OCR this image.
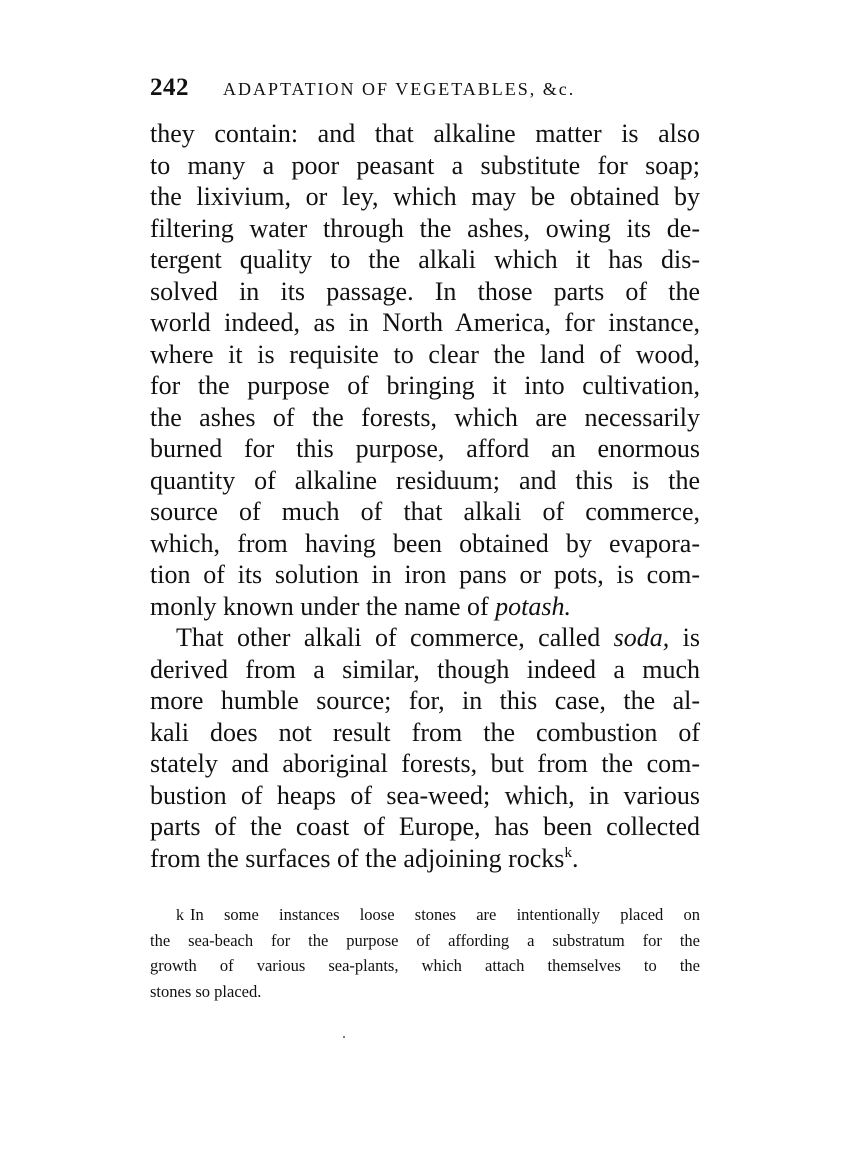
242 ADAPTATION OF VEGETABLES, &c.
they contain: and that alkaline matter is also
to many a poor peasant a substitute for soap;
the lixivium, or ley, which may be obtained by
filtering water through the ashes, owing its de-
tergent quality to the alkali which it has dis-
solved in its passage. In those parts of the
world indeed, as in North America, for instance,
where it is requisite to clear the land of wood,
for the purpose of bringing it into cultivation,
the ashes of the forests, which are necessarily
burned for this purpose, afford an enormous
quantity of alkaline residuum; and this is the
source of much of that alkali of commerce,
which, from having been obtained by evapora-
tion of its solution in iron pans or pots, is com-
monly known under the name of potash.
That other alkali of commerce, called soda, is
derived from a similar, though indeed a much
more humble source; for, in this case, the al-
kali does not result from the combustion of
stately and aboriginal forests, but from the com-
bustion of heaps of sea-weed; which, in various
parts of the coast of Europe, has been collected
from the surfaces of the adjoining rocks$^k$.
k In some instances loose stones are intentionally placed on
the sea-beach for the purpose of affording a substratum for the
growth of various sea-plants, which attach themselves to the
stones so placed.
